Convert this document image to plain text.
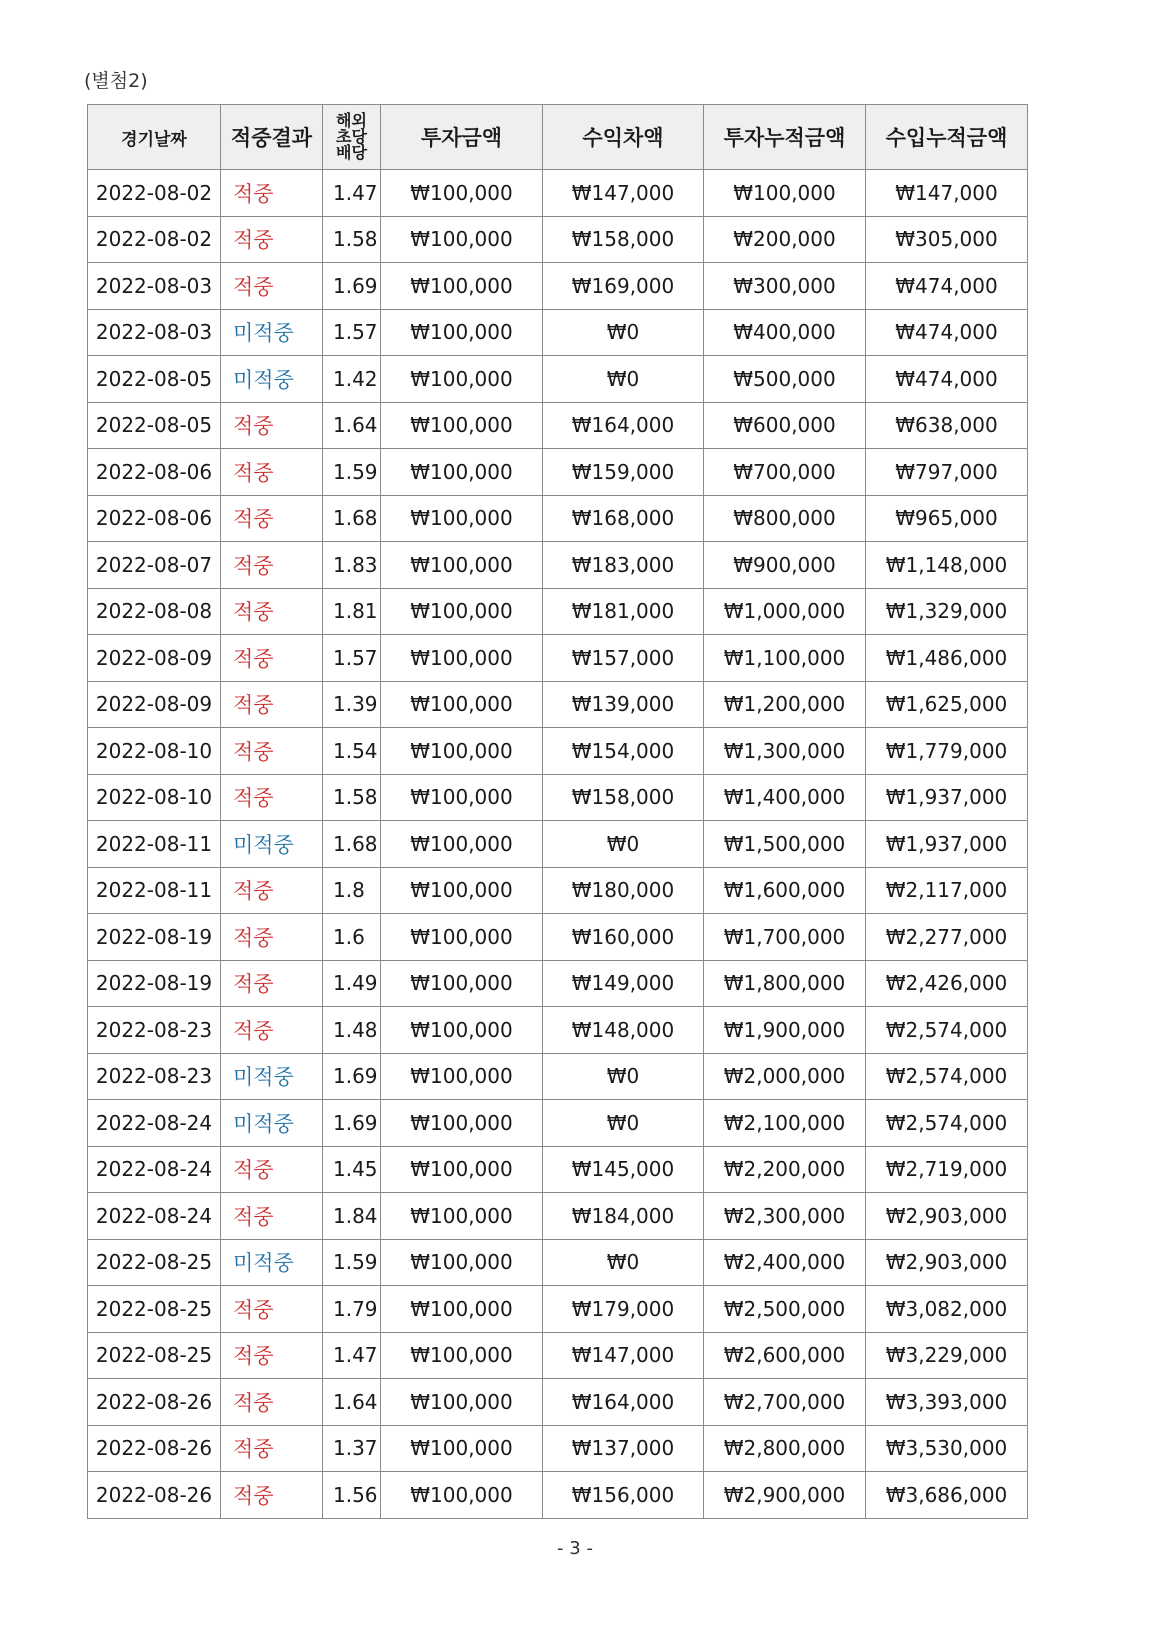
(별첨2)
경기날짜	적중결과	해외
초당
배당	투자금액	수익차액	투자누적금액	수입누적금액
2022-08-02	적중	1.47	₩100,000	₩147,000	₩100,000	₩147,000
2022-08-02	적중	1.58	₩100,000	₩158,000	₩200,000	₩305,000
2022-08-03	적중	1.69	₩100,000	₩169,000	₩300,000	₩474,000
2022-08-03	미적중	1.57	₩100,000	₩0	₩400,000	₩474,000
2022-08-05	미적중	1.42	₩100,000	₩0	₩500,000	₩474,000
2022-08-05	적중	1.64	₩100,000	₩164,000	₩600,000	₩638,000
2022-08-06	적중	1.59	₩100,000	₩159,000	₩700,000	₩797,000
2022-08-06	적중	1.68	₩100,000	₩168,000	₩800,000	₩965,000
2022-08-07	적중	1.83	₩100,000	₩183,000	₩900,000	₩1,148,000
2022-08-08	적중	1.81	₩100,000	₩181,000	₩1,000,000	₩1,329,000
2022-08-09	적중	1.57	₩100,000	₩157,000	₩1,100,000	₩1,486,000
2022-08-09	적중	1.39	₩100,000	₩139,000	₩1,200,000	₩1,625,000
2022-08-10	적중	1.54	₩100,000	₩154,000	₩1,300,000	₩1,779,000
2022-08-10	적중	1.58	₩100,000	₩158,000	₩1,400,000	₩1,937,000
2022-08-11	미적중	1.68	₩100,000	₩0	₩1,500,000	₩1,937,000
2022-08-11	적중	1.8	₩100,000	₩180,000	₩1,600,000	₩2,117,000
2022-08-19	적중	1.6	₩100,000	₩160,000	₩1,700,000	₩2,277,000
2022-08-19	적중	1.49	₩100,000	₩149,000	₩1,800,000	₩2,426,000
2022-08-23	적중	1.48	₩100,000	₩148,000	₩1,900,000	₩2,574,000
2022-08-23	미적중	1.69	₩100,000	₩0	₩2,000,000	₩2,574,000
2022-08-24	미적중	1.69	₩100,000	₩0	₩2,100,000	₩2,574,000
2022-08-24	적중	1.45	₩100,000	₩145,000	₩2,200,000	₩2,719,000
2022-08-24	적중	1.84	₩100,000	₩184,000	₩2,300,000	₩2,903,000
2022-08-25	미적중	1.59	₩100,000	₩0	₩2,400,000	₩2,903,000
2022-08-25	적중	1.79	₩100,000	₩179,000	₩2,500,000	₩3,082,000
2022-08-25	적중	1.47	₩100,000	₩147,000	₩2,600,000	₩3,229,000
2022-08-26	적중	1.64	₩100,000	₩164,000	₩2,700,000	₩3,393,000
2022-08-26	적중	1.37	₩100,000	₩137,000	₩2,800,000	₩3,530,000
2022-08-26	적중	1.56	₩100,000	₩156,000	₩2,900,000	₩3,686,000
- 3 -
